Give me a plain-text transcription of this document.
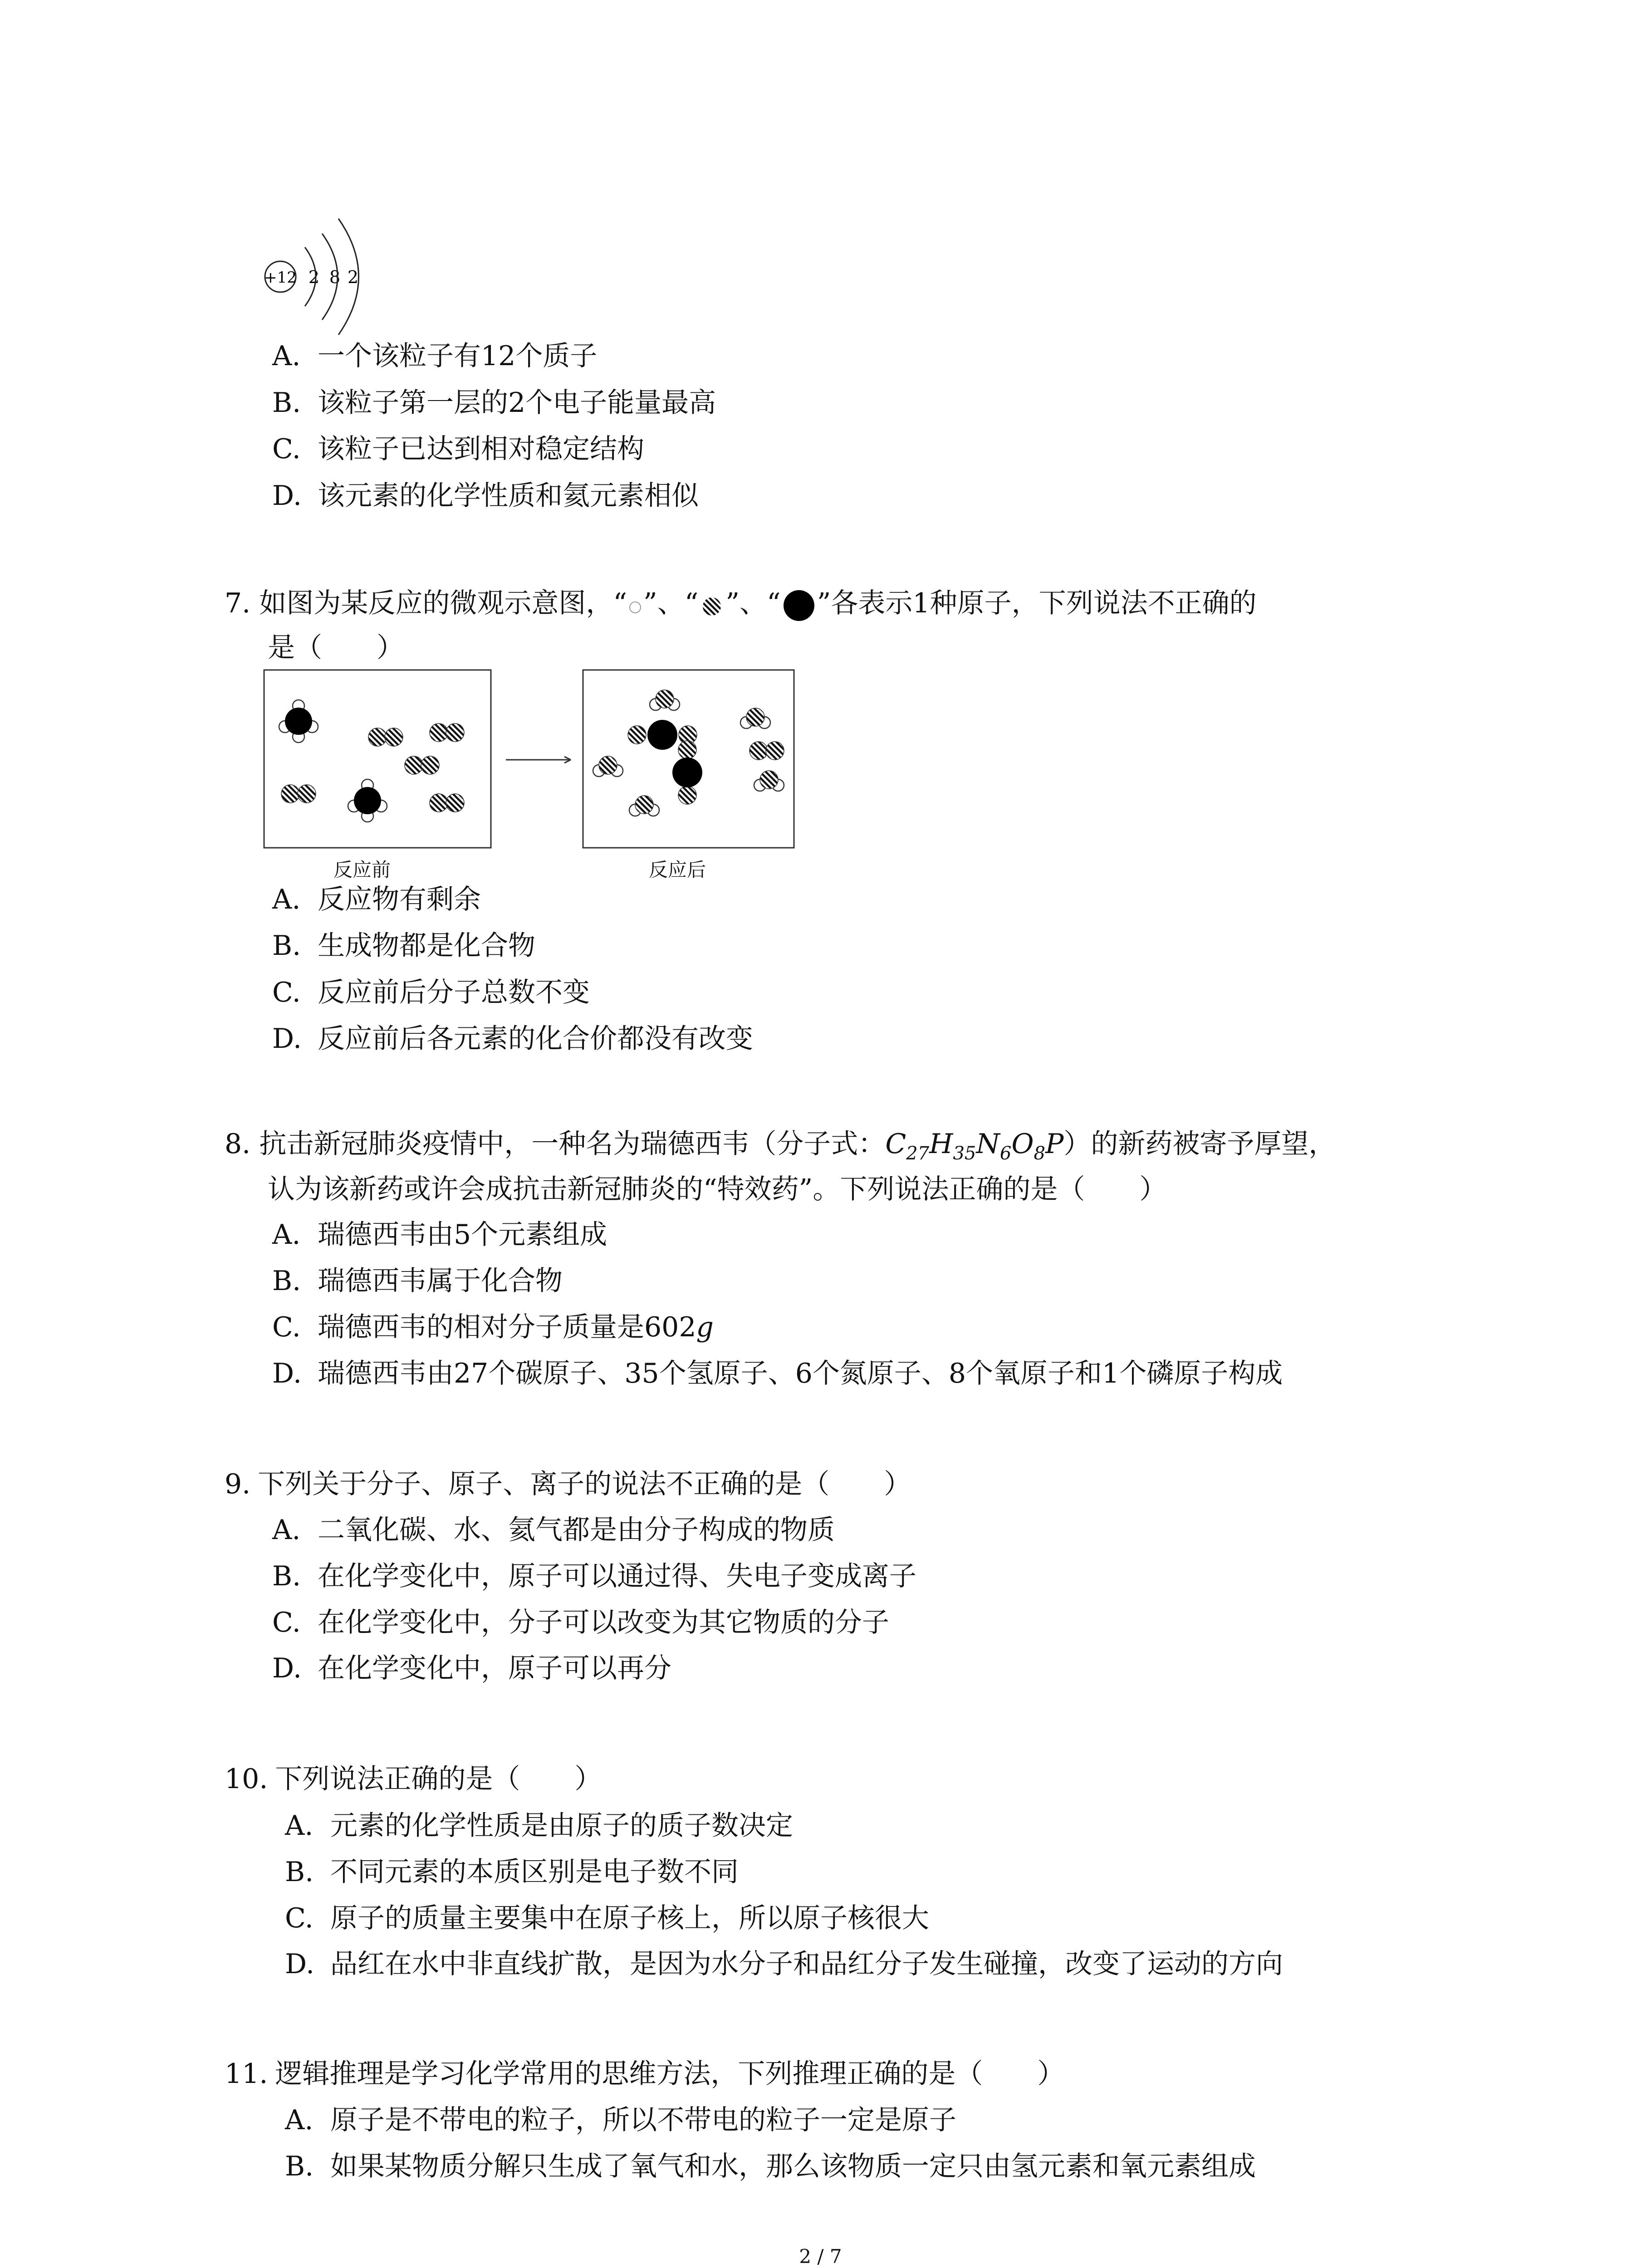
+12 2 8 2
A. 一个该粒子有12个质子
B. 该粒子第一层的2个电子能量最高
C. 该粒子已达到相对稳定结构
D. 该元素的化学性质和氦元素相似
7. 如图为某反应的微观示意图，“ ”、“ ”、“ ”各表示1种原子，下列说法不正确的
是（　　）
反应前	反应后
A. 反应物有剩余
B. 生成物都是化合物
C. 反应前后分子总数不变
D. 反应前后各元素的化合价都没有改变
8. 抗击新冠肺炎疫情中，一种名为瑞德西韦（分子式：$C_{27}H_{35}N_6O_8P$）的新药被寄予厚望，
认为该新药或许会成抗击新冠肺炎的“特效药”。下列说法正确的是（　　）
A. 瑞德西韦由5个元素组成
B. 瑞德西韦属于化合物
C. 瑞德西韦的相对分子质量是602g
D. 瑞德西韦由27个碳原子、35个氢原子、6个氮原子、8个氧原子和1个磷原子构成
9. 下列关于分子、原子、离子的说法不正确的是（　　）
A. 二氧化碳、水、氦气都是由分子构成的物质
B. 在化学变化中，原子可以通过得、失电子变成离子
C. 在化学变化中，分子可以改变为其它物质的分子
D. 在化学变化中，原子可以再分
10. 下列说法正确的是（　　）
A. 元素的化学性质是由原子的质子数决定
B. 不同元素的本质区别是电子数不同
C. 原子的质量主要集中在原子核上，所以原子核很大
D. 品红在水中非直线扩散，是因为水分子和品红分子发生碰撞，改变了运动的方向
11. 逻辑推理是学习化学常用的思维方法，下列推理正确的是（　　）
A. 原子是不带电的粒子，所以不带电的粒子一定是原子
B. 如果某物质分解只生成了氧气和水，那么该物质一定只由氢元素和氧元素组成
2 / 7
